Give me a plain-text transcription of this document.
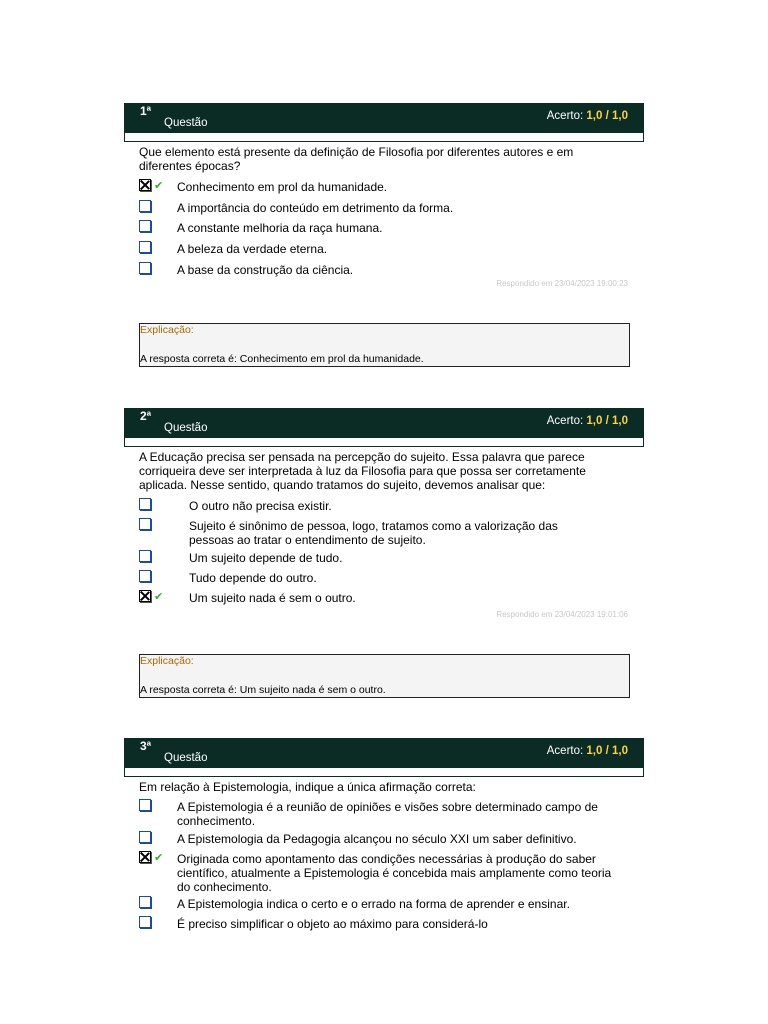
1ª
Questão
Acerto: 1,0 / 1,0
Que elemento está presente da definição de Filosofia por diferentes autores e em diferentes épocas?
✔ Conhecimento em prol da humanidade.
A importância do conteúdo em detrimento da forma.
A constante melhoria da raça humana.
A beleza da verdade eterna.
A base da construção da ciência.
Respondido em 23/04/2023 19:00:23
Explicação:
A resposta correta é: Conhecimento em prol da humanidade.
2ª
Questão
Acerto: 1,0 / 1,0
A Educação precisa ser pensada na percepção do sujeito. Essa palavra que parece corriqueira deve ser interpretada à luz da Filosofia para que possa ser corretamente aplicada. Nesse sentido, quando tratamos do sujeito, devemos analisar que:
O outro não precisa existir.
Sujeito é sinônimo de pessoa, logo, tratamos como a valorização das pessoas ao tratar o entendimento de sujeito.
Um sujeito depende de tudo.
Tudo depende do outro.
✔ Um sujeito nada é sem o outro.
Respondido em 23/04/2023 19:01:06
Explicação:
A resposta correta é: Um sujeito nada é sem o outro.
3ª
Questão
Acerto: 1,0 / 1,0
Em relação à Epistemologia, indique a única afirmação correta:
A Epistemologia é a reunião de opiniões e visões sobre determinado campo de conhecimento.
A Epistemologia da Pedagogia alcançou no século XXI um saber definitivo.
✔ Originada como apontamento das condições necessárias à produção do saber científico, atualmente a Epistemologia é concebida mais amplamente como teoria do conhecimento.
A Epistemologia indica o certo e o errado na forma de aprender e ensinar.
É preciso simplificar o objeto ao máximo para considerá-lo
